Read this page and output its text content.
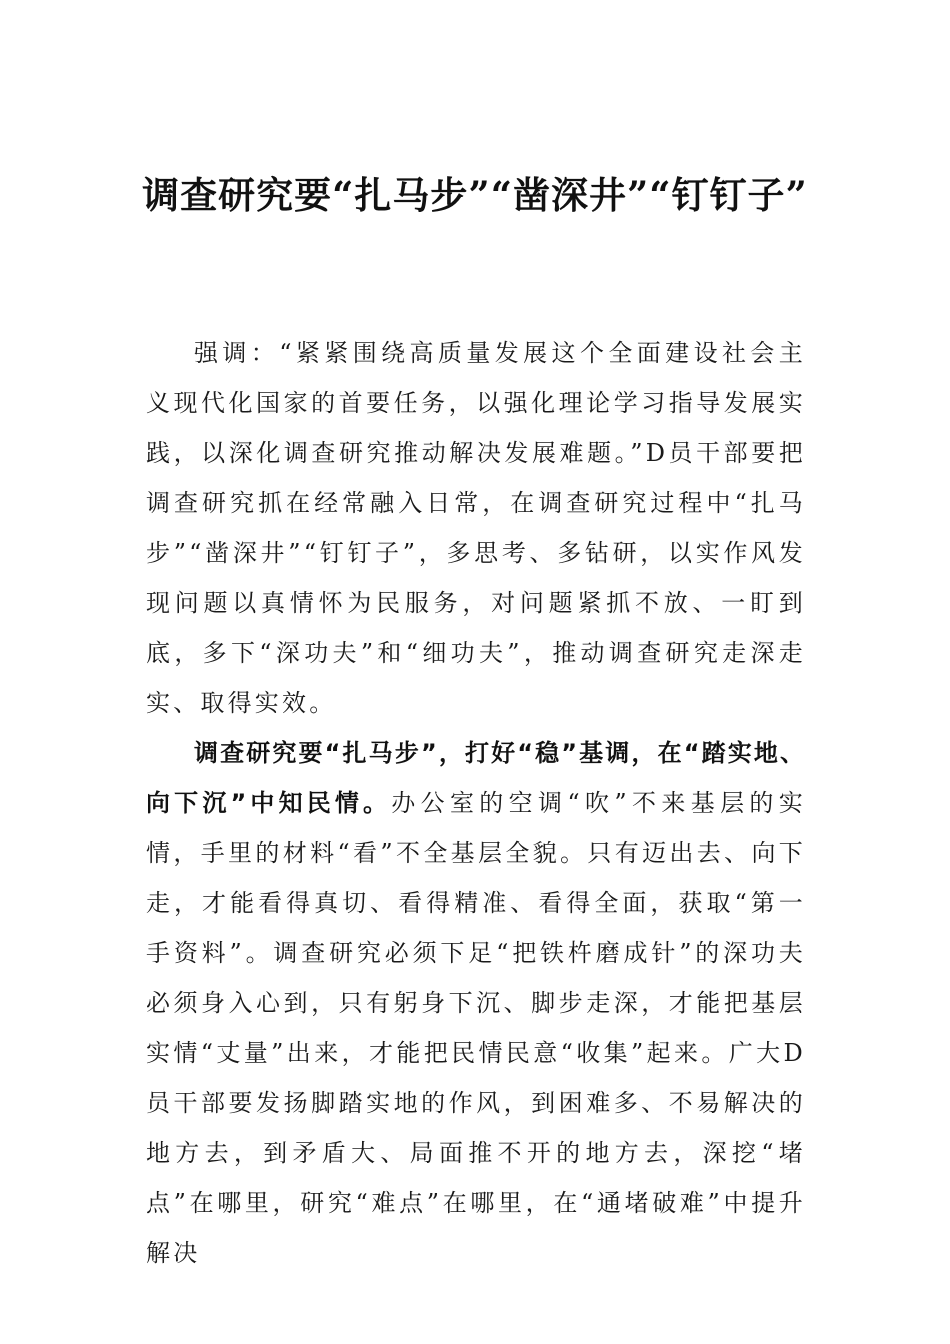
调查研究要“扎马步”“凿深井”“钉钉子”

强调：“紧紧围绕高质量发展这个全面建设社会主义现代化国家的首要任务，以强化理论学习指导发展实践，以深化调查研究推动解决发展难题。”D员干部要把调查研究抓在经常融入日常，在调查研究过程中“扎马步”“凿深井”“钉钉子”，多思考、多钻研，以实作风发现问题以真情怀为民服务，对问题紧抓不放、一盯到底，多下“深功夫”和“细功夫”，推动调查研究走深走实、取得实效。

调查研究要“扎马步”，打好“稳”基调，在“踏实地、向下沉”中知民情。办公室的空调“吹”不来基层的实情，手里的材料“看”不全基层全貌。只有迈出去、向下走，才能看得真切、看得精准、看得全面，获取“第一手资料”。调查研究必须下足“把铁杵磨成针”的深功夫必须身入心到，只有躬身下沉、脚步走深，才能把基层实情“丈量”出来，才能把民情民意“收集”起来。广大D员干部要发扬脚踏实地的作风，到困难多、不易解决的地方去，到矛盾大、局面推不开的地方去，深挖“堵点”在哪里，研究“难点”在哪里，在“通堵破难”中提升解决
